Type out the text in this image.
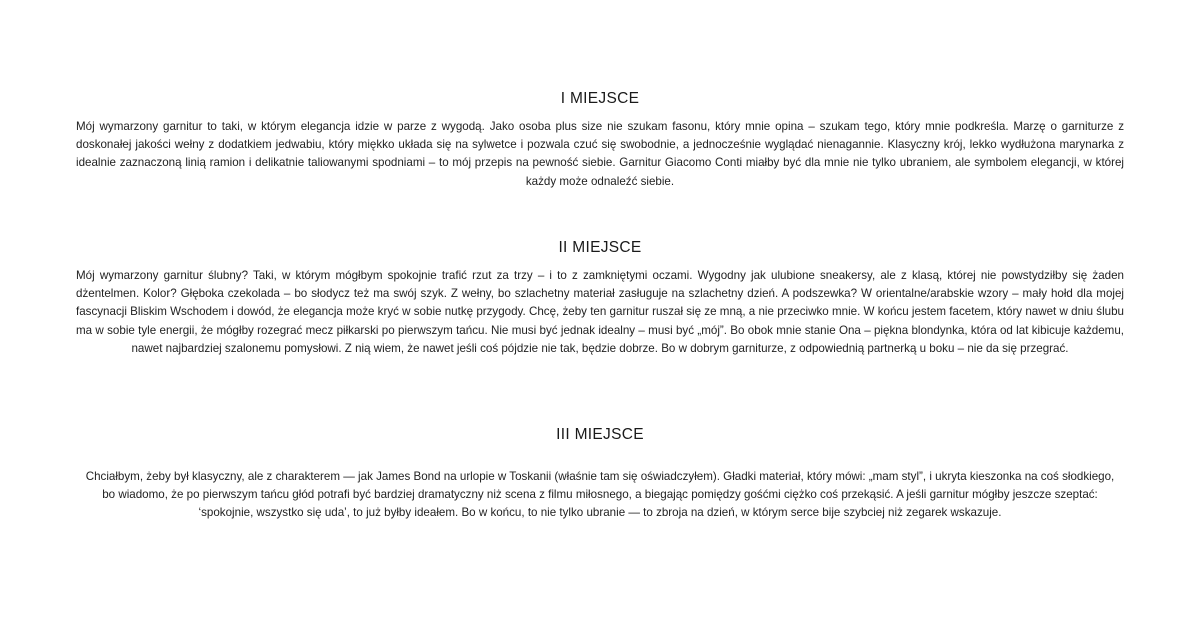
I MIEJSCE

Mój wymarzony garnitur to taki, w którym elegancja idzie w parze z wygodą. Jako osoba plus size nie szukam fasonu, który mnie opina – szukam tego, który mnie podkreśla. Marzę o garniturze z doskonałej jakości wełny z dodatkiem jedwabiu, który miękko układa się na sylwetce i pozwala czuć się swobodnie, a jednocześnie wyglądać nienagannie. Klasyczny krój, lekko wydłużona marynarka z idealnie zaznaczoną linią ramion i delikatnie taliowanymi spodniami – to mój przepis na pewność siebie. Garnitur Giacomo Conti miałby być dla mnie nie tylko ubraniem, ale symbolem elegancji, w której każdy może odnaleźć siebie.

II MIEJSCE

Mój wymarzony garnitur ślubny? Taki, w którym mógłbym spokojnie trafić rzut za trzy – i to z zamkniętymi oczami. Wygodny jak ulubione sneakersy, ale z klasą, której nie powstydziłby się żaden dżentelmen. Kolor? Głęboka czekolada – bo słodycz też ma swój szyk. Z wełny, bo szlachetny materiał zasługuje na szlachetny dzień. A podszewka? W orientalne/arabskie wzory – mały hołd dla mojej fascynacji Bliskim Wschodem i dowód, że elegancja może kryć w sobie nutkę przygody. Chcę, żeby ten garnitur ruszał się ze mną, a nie przeciwko mnie. W końcu jestem facetem, który nawet w dniu ślubu ma w sobie tyle energii, że mógłby rozegrać mecz piłkarski po pierwszym tańcu. Nie musi być jednak idealny – musi być „mój”. Bo obok mnie stanie Ona – piękna blondynka, która od lat kibicuje każdemu, nawet najbardziej szalonemu pomysłowi. Z nią wiem, że nawet jeśli coś pójdzie nie tak, będzie dobrze. Bo w dobrym garniturze, z odpowiednią partnerką u boku – nie da się przegrać.

III MIEJSCE

Chciałbym, żeby był klasyczny, ale z charakterem — jak James Bond na urlopie w Toskanii (właśnie tam się oświadczyłem). Gładki materiał, który mówi: „mam styl”, i ukryta kieszonka na coś słodkiego, bo wiadomo, że po pierwszym tańcu głód potrafi być bardziej dramatyczny niż scena z filmu miłosnego, a biegając pomiędzy gośćmi ciężko coś przekąsić. A jeśli garnitur mógłby jeszcze szeptać: ‘spokojnie, wszystko się uda’, to już byłby ideałem. Bo w końcu, to nie tylko ubranie — to zbroja na dzień, w którym serce bije szybciej niż zegarek wskazuje.
